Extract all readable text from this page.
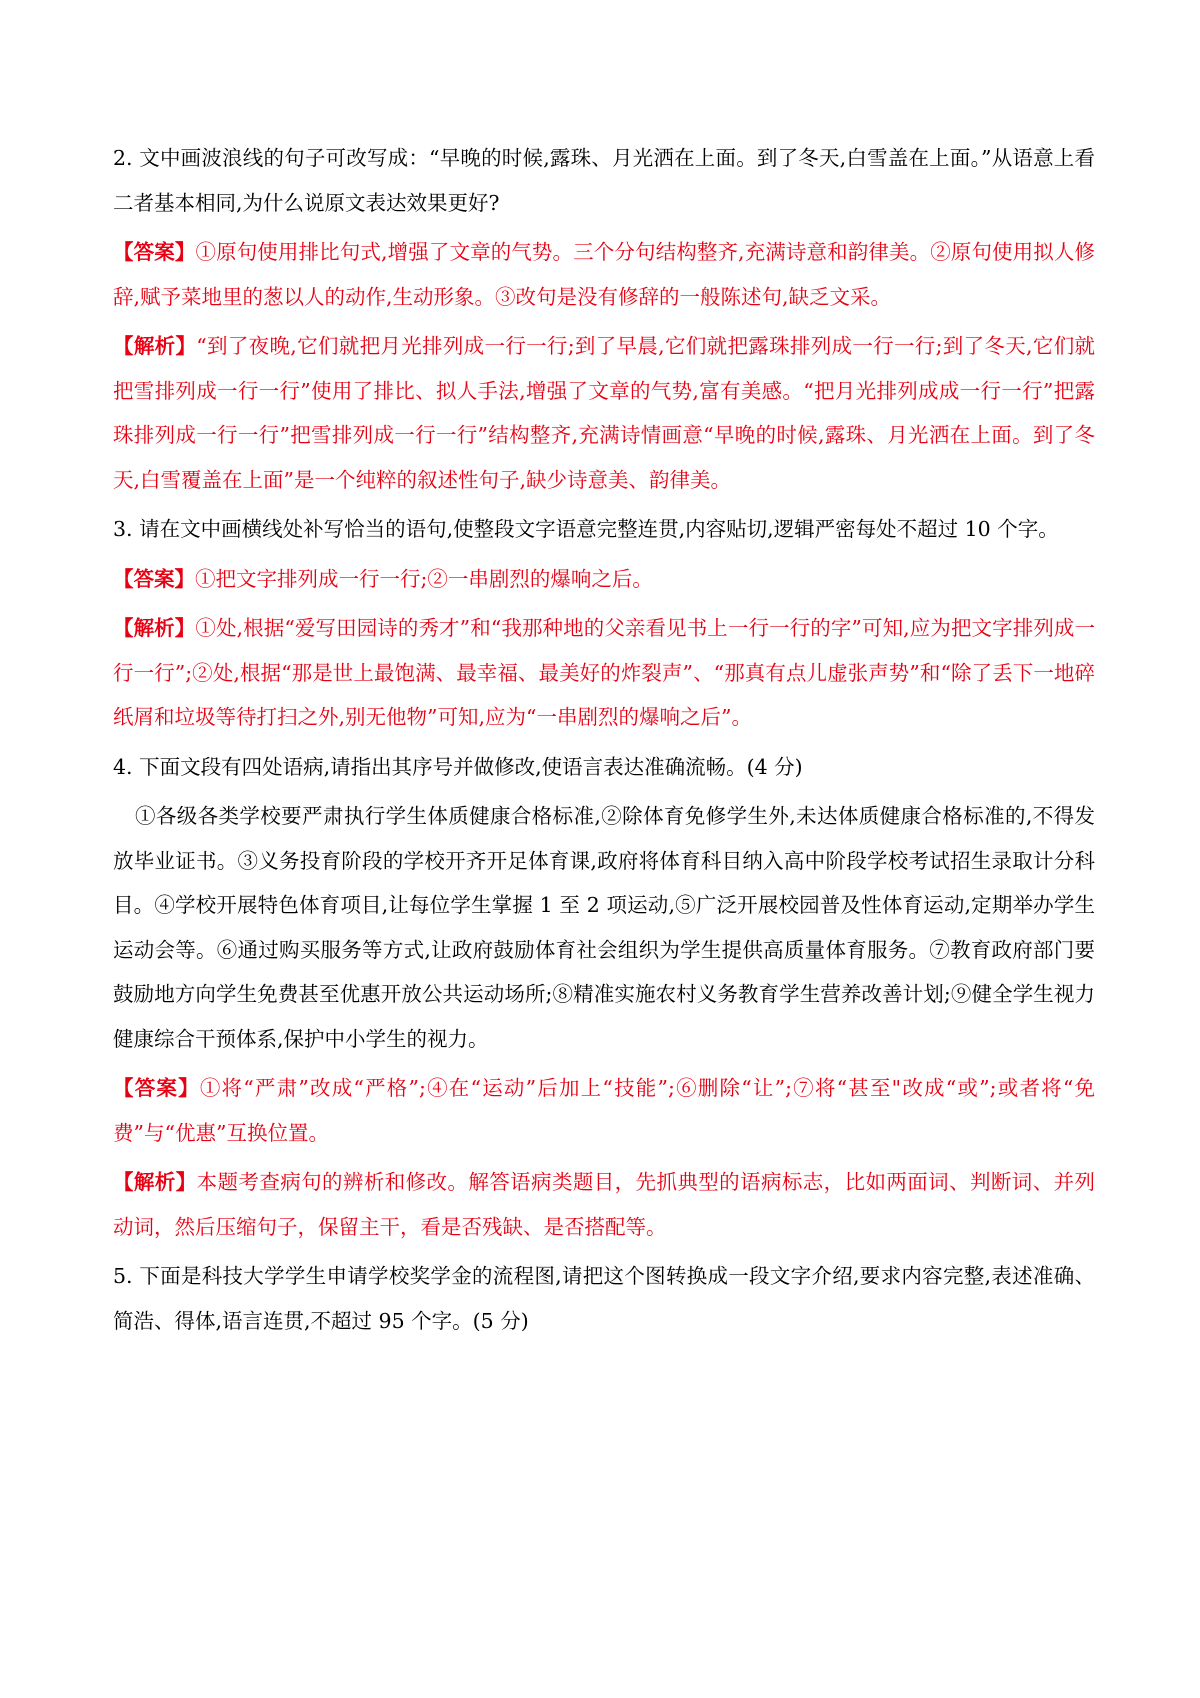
2. 文中画波浪线的句子可改写成：“早晚的时候,露珠、月光洒在上面。到了冬天,白雪盖在上面。”从语意上看二者基本相同,为什么说原文表达效果更好?

【答案】①原句使用排比句式,增强了文章的气势。三个分句结构整齐,充满诗意和韵律美。②原句使用拟人修辞,赋予菜地里的葱以人的动作,生动形象。③改句是没有修辞的一般陈述句,缺乏文采。

【解析】“到了夜晚,它们就把月光排列成一行一行;到了早晨,它们就把露珠排列成一行一行;到了冬天,它们就把雪排列成一行一行”使用了排比、拟人手法,增强了文章的气势,富有美感。“把月光排列成成一行一行”把露珠排列成一行一行”把雪排列成一行一行”结构整齐,充满诗情画意“早晚的时候,露珠、月光洒在上面。到了冬天,白雪覆盖在上面”是一个纯粹的叙述性句子,缺少诗意美、韵律美。

3. 请在文中画横线处补写恰当的语句,使整段文字语意完整连贯,内容贴切,逻辑严密每处不超过 10 个字。

【答案】①把文字排列成一行一行;②一串剧烈的爆响之后。

【解析】①处,根据“爱写田园诗的秀才”和“我那种地的父亲看见书上一行一行的字”可知,应为把文字排列成一行一行”;②处,根据“那是世上最饱满、最幸福、最美好的炸裂声”、“那真有点儿虚张声势”和“除了丢下一地碎纸屑和垃圾等待打扫之外,别无他物”可知,应为“一串剧烈的爆响之后”。

4. 下面文段有四处语病,请指出其序号并做修改,使语言表达准确流畅。(4 分)

①各级各类学校要严肃执行学生体质健康合格标准,②除体育免修学生外,未达体质健康合格标准的,不得发放毕业证书。③义务投育阶段的学校开齐开足体育课,政府将体育科目纳入高中阶段学校考试招生录取计分科目。④学校开展特色体育项目,让每位学生掌握 1 至 2 项运动,⑤广泛开展校园普及性体育运动,定期举办学生运动会等。⑥通过购买服务等方式,让政府鼓励体育社会组织为学生提供高质量体育服务。⑦教育政府部门要鼓励地方向学生免费甚至优惠开放公共运动场所;⑧精准实施农村义务教育学生营养改善计划;⑨健全学生视力健康综合干预体系,保护中小学生的视力。

【答案】①将“严肃”改成“严格”;④在“运动”后加上“技能”;⑥删除“让”;⑦将“甚至"改成“或”;或者将“免费”与“优惠”互换位置。

【解析】本题考查病句的辨析和修改。解答语病类题目，先抓典型的语病标志，比如两面词、判断词、并列动词，然后压缩句子，保留主干，看是否残缺、是否搭配等。

5. 下面是科技大学学生申请学校奖学金的流程图,请把这个图转换成一段文字介绍,要求内容完整,表述准确、简浩、得体,语言连贯,不超过 95 个字。(5 分)
